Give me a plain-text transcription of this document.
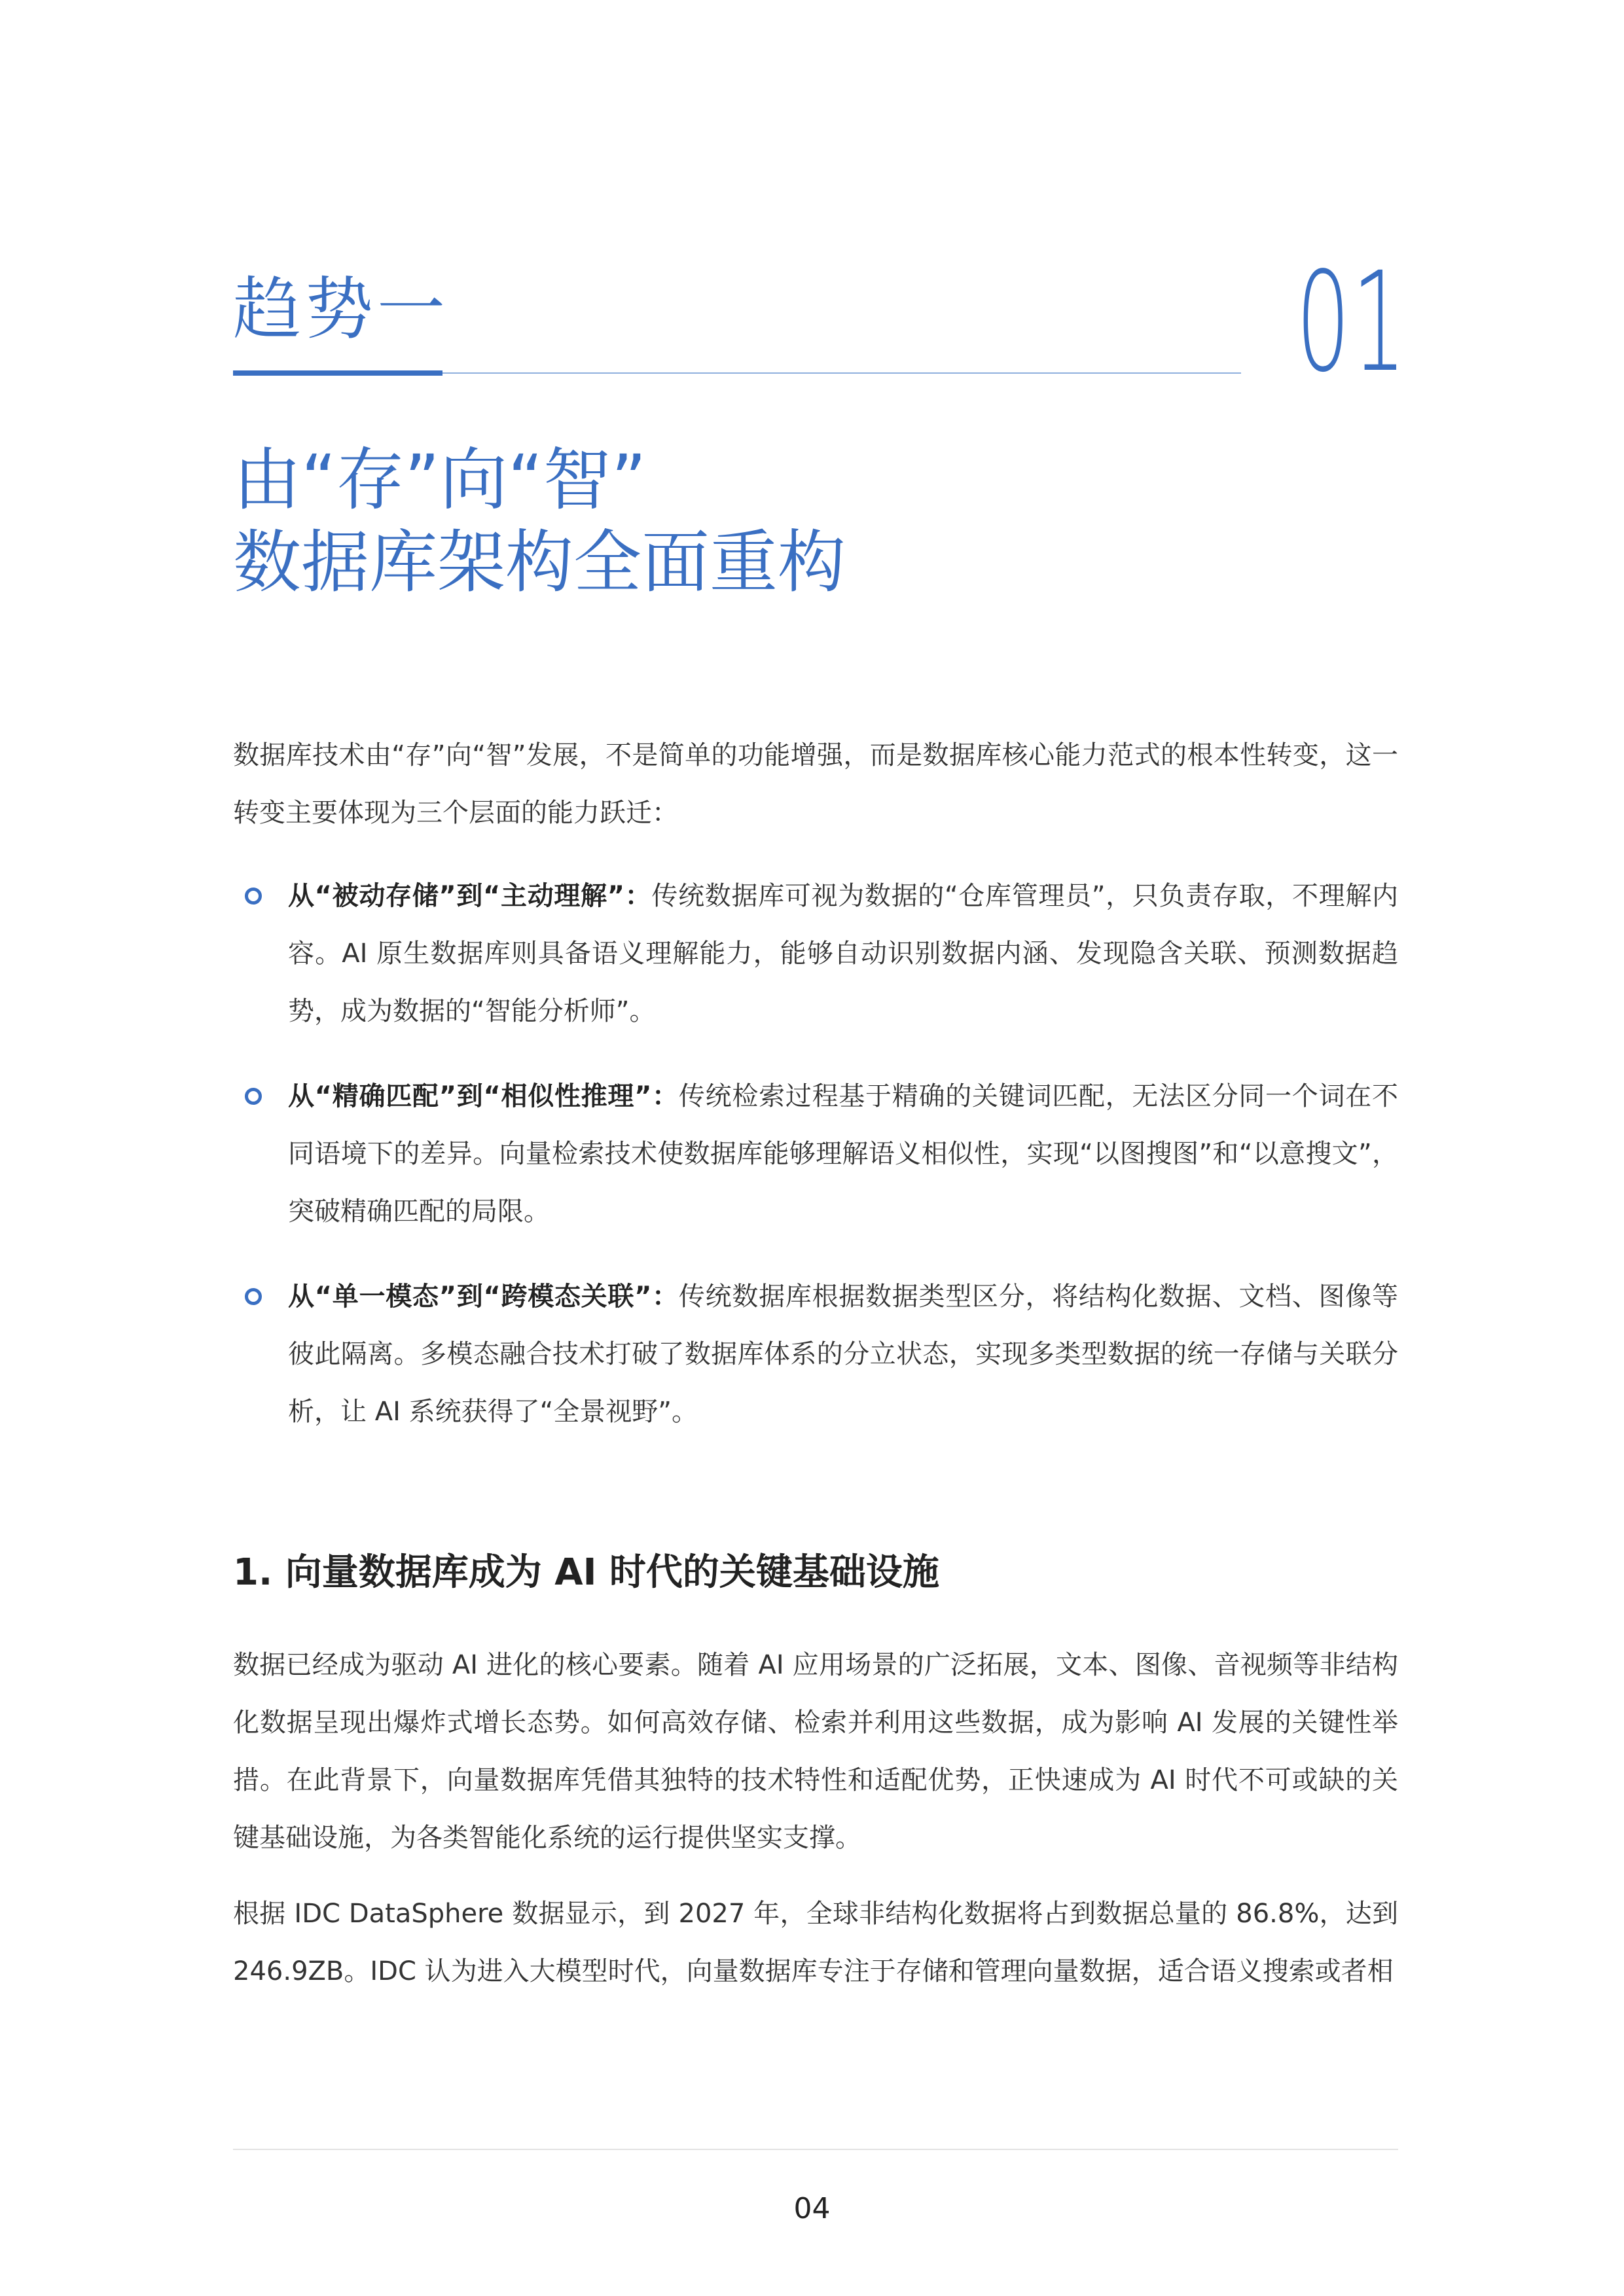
趋势一	01
由“存”向“智”
数据库架构全面重构

数据库技术由“存”向“智”发展，不是简单的功能增强，而是数据库核心能力范式的根本性转变，这一转变主要体现为三个层面的能力跃迁：

从“被动存储”到“主动理解”：传统数据库可视为数据的“仓库管理员”，只负责存取，不理解内容。AI 原生数据库则具备语义理解能力，能够自动识别数据内涵、发现隐含关联、预测数据趋势，成为数据的“智能分析师”。
从“精确匹配”到“相似性推理”：传统检索过程基于精确的关键词匹配，无法区分同一个词在不同语境下的差异。向量检索技术使数据库能够理解语义相似性，实现“以图搜图”和“以意搜文”，突破精确匹配的局限。
从“单一模态”到“跨模态关联”：传统数据库根据数据类型区分，将结构化数据、文档、图像等彼此隔离。多模态融合技术打破了数据库体系的分立状态，实现多类型数据的统一存储与关联分析，让 AI 系统获得了“全景视野”。
1. 向量数据库成为 AI 时代的关键基础设施

数据已经成为驱动 AI 进化的核心要素。随着 AI 应用场景的广泛拓展，文本、图像、音视频等非结构化数据呈现出爆炸式增长态势。如何高效存储、检索并利用这些数据，成为影响 AI 发展的关键性举措。在此背景下，向量数据库凭借其独特的技术特性和适配优势，正快速成为 AI 时代不可或缺的关键基础设施，为各类智能化系统的运行提供坚实支撑。

根据 IDC DataSphere 数据显示，到 2027 年，全球非结构化数据将占到数据总量的 86.8%，达到 246.9ZB。IDC 认为进入大模型时代，向量数据库专注于存储和管理向量数据，适合语义搜索或者相

04
